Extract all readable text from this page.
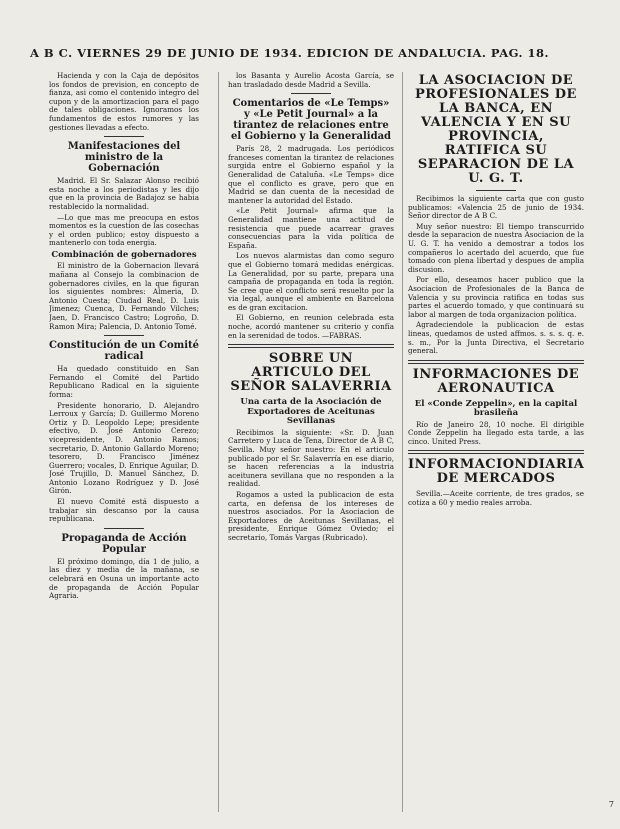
A B C. VIERNES 29 DE JUNIO DE 1934. EDICION DE ANDALUCIA. PAG. 18.

Hacienda y con la Caja de depósitos los fondos de prevision, en concepto de fianza, asi como el contenido integro del cupon y de la amortizacion para el pago de tales obligaciones. Ignoramos los fundamentos de estos rumores y las gestiones llevadas a efecto.

Manifestaciones del ministro de la Gobernación

Madrid. El Sr. Salazar Alonso recibió esta noche a los periodistas y les dijo que en la provincia de Badajoz se habia restablecido la normalidad.

—Lo que mas me preocupa en estos momentos es la cuestion de las cosechas y el orden publico; estoy dispuesto a mantenerlo con toda energia.

Combinación de gobernadores

El ministro de la Gobernacion llevará mañana al Consejo la combinacion de gobernadores civiles, en la que figuran los siguientes nombres: Almeria, D. Antonio Cuesta; Ciudad Real, D. Luis Jimenez; Cuenca, D. Fernando Vilches; Jaen, D. Francisco Castro; Logroño, D. Ramon Mira; Palencia, D. Antonio Tomé.

Constitución de un Comité radical

Ha quedado constituido en San Fernando el Comité del Partido Republicano Radical en la siguiente forma:

Presidente honorario, D. Alejandro Lerroux y García; D. Guillermo Moreno Ortiz y D. Leopoldo Lepe; presidente efectivo, D. José Antonio Cerezo; vicepresidente, D. Antonio Ramos; secretario, D. Antonio Gallardo Moreno; tesorero, D. Francisco Jiménez Guerrero; vocales, D. Enrique Aguilar, D. José Trujillo, D. Manuel Sánchez, D. Antonio Lozano Rodríguez y D. José Girón.

El nuevo Comité está dispuesto a trabajar sin descanso por la causa republicana.

Propaganda de Acción Popular

El próximo domingo, día 1 de julio, a las diez y media de la mañana, se celebrará en Osuna un importante acto de propaganda de Acción Popular Agraria.

los Basanta y Aurelio Acosta García, se han trasladado desde Madrid a Sevilla.

Comentarios de «Le Temps» y «Le Petit Journal» a la tirantez de relaciones entre el Gobierno y la Generalidad

París 28, 2 madrugada. Los periódicos franceses comentan la tirantez de relaciones surgida entre el Gobierno español y la Generalidad de Cataluña. «Le Temps» dice que el conflicto es grave, pero que en Madrid se dan cuenta de la necesidad de mantener la autoridad del Estado.

«Le Petit Journal» afirma que la Generalidad mantiene una actitud de resistencia que puede acarrear graves consecuencias para la vida política de España.

Los nuevos alarmistas dan como seguro que el Gobierno tomará medidas enérgicas. La Generalidad, por su parte, prepara una campaña de propaganda en toda la región. Se cree que el conflicto será resuelto por la via legal, aunque el ambiente en Barcelona es de gran excitacion.

El Gobierno, en reunion celebrada esta noche, acordó mantener su criterio y confía en la serenidad de todos. —FABRAS.

SOBRE UN ARTICULO DEL SEÑOR SALAVERRIA
Una carta de la Asociación de Exportadores de Aceitunas Sevillanas

Recibimos la siguiente: «Sr. D. Juan Carretero y Luca de Tena, Director de A B C, Sevilla. Muy señor nuestro: En el articulo publicado por el Sr. Salaverría en ese diario, se hacen referencias a la industria aceitunera sevillana que no responden a la realidad.

Rogamos a usted la publicacion de esta carta, en defensa de los intereses de nuestros asociados. Por la Asociacion de Exportadores de Aceitunas Sevillanas, el presidente, Enrique Gómez Oviedo; el secretario, Tomás Vargas (Rubricado).

LA ASOCIACION DE PROFESIONALES DE LA BANCA, EN VALENCIA Y EN SU PROVINCIA, RATIFICA SU SEPARACION DE LA U. G. T.

Recibimos la siguiente carta que con gusto publicamos: «Valencia 25 de junio de 1934. Señor director de A B C.

Muy señor nuestro: El tiempo transcurrido desde la separacion de nuestra Asociacion de la U. G. T. ha venido a demostrar a todos los compañeros lo acertado del acuerdo, que fue tomado con plena libertad y despues de amplia discusion.

Por ello, deseamos hacer publico que la Asociacion de Profesionales de la Banca de Valencia y su provincia ratifica en todas sus partes el acuerdo tomado, y que continuará su labor al margen de toda organizacion política.

Agradeciendole la publicacion de estas lineas, quedamos de usted affmos. s. s. s. q. e. s. m., Por la Junta Directiva, el Secretario general.

INFORMACIONES DE AERONAUTICA
El «Conde Zeppelin», en la capital brasileña

Río de Janeiro 28, 10 noche. El dirigible Conde Zeppelin ha llegado esta tarde, a las cinco. United Press.

INFORMACIONDIARIA DE MERCADOS

Sevilla.—Aceite corriente, de tres grados, se cotiza a 60 y medio reales arroba.

7
